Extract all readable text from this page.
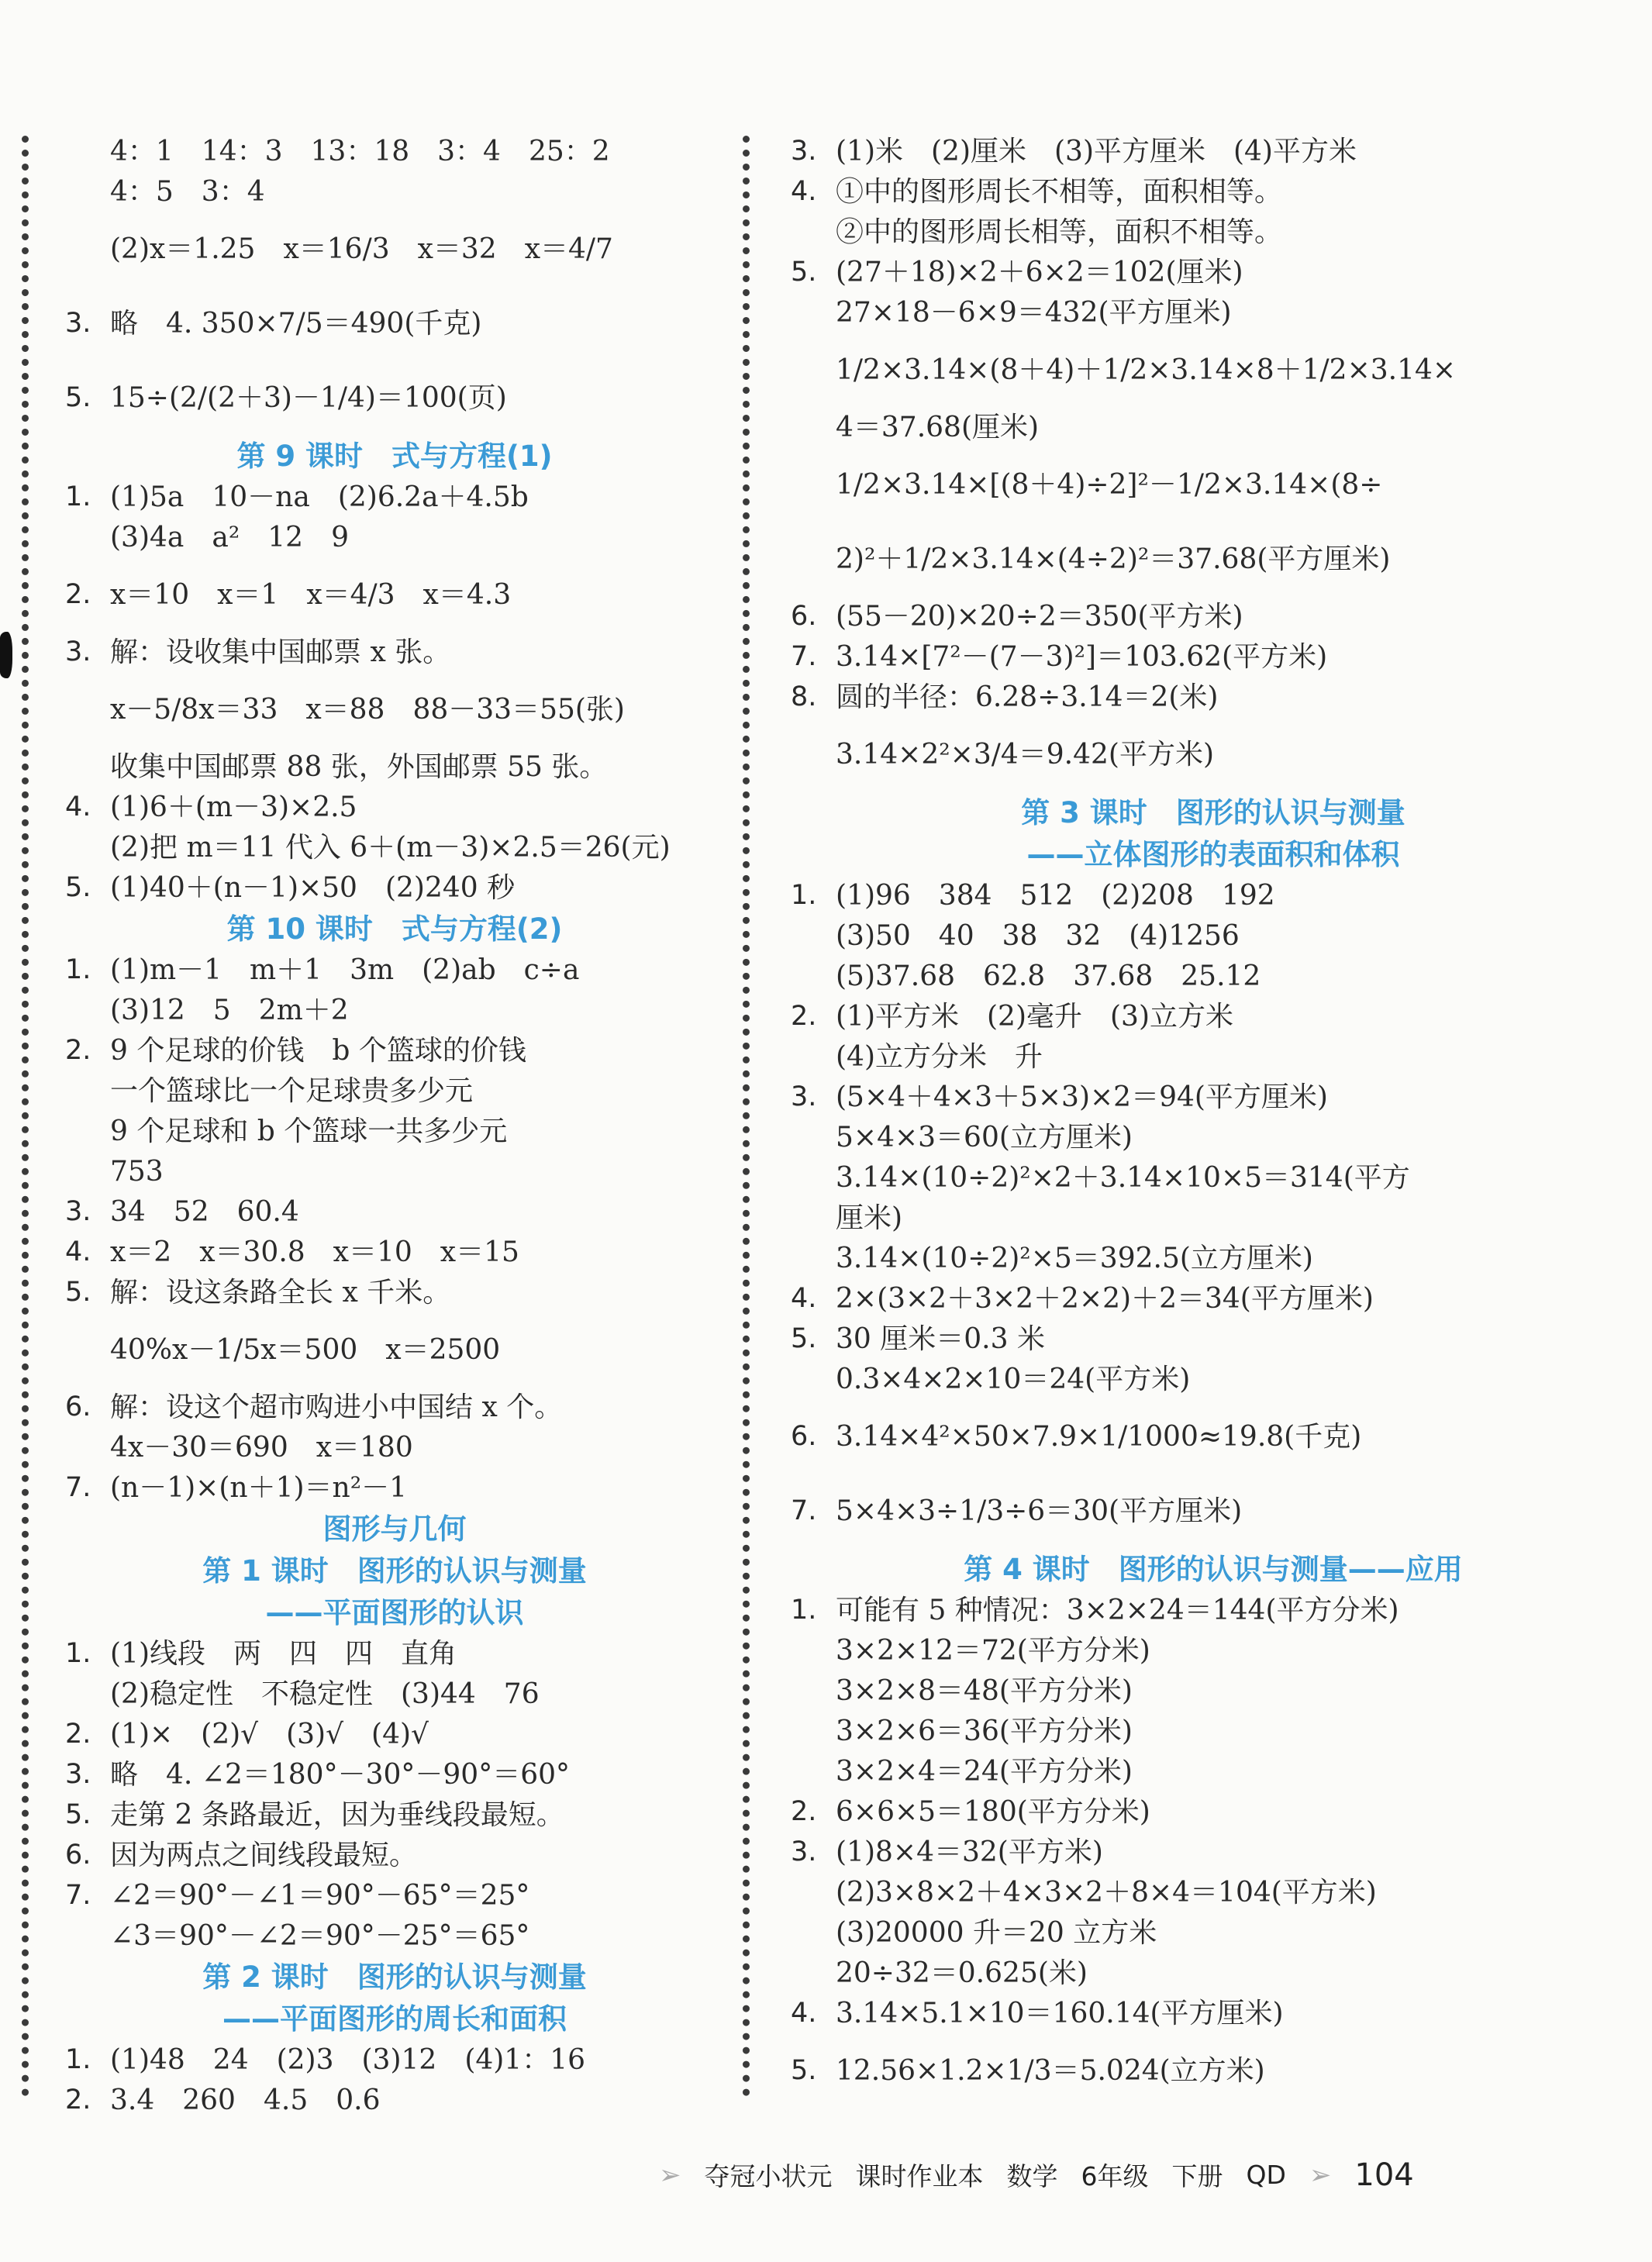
4：1　14：3　13：18　3：4　25：2
4：5　3：4
(2)x＝1.25　x＝16/3　x＝32　x＝4/7
3. 略　4. 350×7/5＝490(千克)
5. 15÷(2/(2＋3)－1/4)＝100(页)
第 9 课时　式与方程(1)
1. (1)5a　10－na　(2)6.2a＋4.5b
(3)4a　a²　12　9
2. x＝10　x＝1　x＝4/3　x＝4.3
3. 解：设收集中国邮票 x 张。
x－5/8x＝33　x＝88　88－33＝55(张)
收集中国邮票 88 张，外国邮票 55 张。
4. (1)6＋(m－3)×2.5
(2)把 m＝11 代入 6＋(m－3)×2.5＝26(元)
5. (1)40＋(n－1)×50　(2)240 秒
第 10 课时　式与方程(2)
1. (1)m－1　m＋1　3m　(2)ab　c÷a
(3)12　5　2m＋2
2. 9 个足球的价钱　b 个篮球的价钱
一个篮球比一个足球贵多少元
9 个足球和 b 个篮球一共多少元
753
3. 34　52　60.4
4. x＝2　x＝30.8　x＝10　x＝15
5. 解：设这条路全长 x 千米。
40%x－1/5x＝500　x＝2500
6. 解：设这个超市购进小中国结 x 个。
4x－30＝690　x＝180
7. (n－1)×(n＋1)＝n²－1
图形与几何
第 1 课时　图形的认识与测量
——平面图形的认识
1. (1)线段　两　四　四　直角
(2)稳定性　不稳定性　(3)44　76
2. (1)×　(2)√　(3)√　(4)√
3. 略　4. ∠2＝180°－30°－90°＝60°
5. 走第 2 条路最近，因为垂线段最短。
6. 因为两点之间线段最短。
7. ∠2＝90°－∠1＝90°－65°＝25°
∠3＝90°－∠2＝90°－25°＝65°
第 2 课时　图形的认识与测量
——平面图形的周长和面积
1. (1)48　24　(2)3　(3)12　(4)1：16
2. 3.4　260　4.5　0.6
3. (1)米　(2)厘米　(3)平方厘米　(4)平方米
4. ①中的图形周长不相等，面积相等。
②中的图形周长相等，面积不相等。
5. (27＋18)×2＋6×2＝102(厘米)
27×18－6×9＝432(平方厘米)
1/2×3.14×(8＋4)＋1/2×3.14×8＋1/2×3.14×
4＝37.68(厘米)
1/2×3.14×[(8＋4)÷2]²－1/2×3.14×(8÷
2)²＋1/2×3.14×(4÷2)²＝37.68(平方厘米)
6. (55－20)×20÷2＝350(平方米)
7. 3.14×[7²－(7－3)²]＝103.62(平方米)
8. 圆的半径：6.28÷3.14＝2(米)
3.14×2²×3/4＝9.42(平方米)
第 3 课时　图形的认识与测量
——立体图形的表面积和体积
1. (1)96　384　512　(2)208　192
(3)50　40　38　32　(4)1256
(5)37.68　62.8　37.68　25.12
2. (1)平方米　(2)毫升　(3)立方米
(4)立方分米　升
3. (5×4＋4×3＋5×3)×2＝94(平方厘米)
5×4×3＝60(立方厘米)
3.14×(10÷2)²×2＋3.14×10×5＝314(平方
厘米)
3.14×(10÷2)²×5＝392.5(立方厘米)
4. 2×(3×2＋3×2＋2×2)＋2＝34(平方厘米)
5. 30 厘米＝0.3 米
0.3×4×2×10＝24(平方米)
6. 3.14×4²×50×7.9×1/1000≈19.8(千克)
7. 5×4×3÷1/3÷6＝30(平方厘米)
第 4 课时　图形的认识与测量——应用
1. 可能有 5 种情况：3×2×24＝144(平方分米)
3×2×12＝72(平方分米)
3×2×8＝48(平方分米)
3×2×6＝36(平方分米)
3×2×4＝24(平方分米)
2. 6×6×5＝180(平方分米)
3. (1)8×4＝32(平方米)
(2)3×8×2＋4×3×2＋8×4＝104(平方米)
(3)20000 升＝20 立方米
20÷32＝0.625(米)
4. 3.14×5.1×10＝160.14(平方厘米)
5. 12.56×1.2×1/3＝5.024(立方米)
➢ 夺冠小状元 课时作业本 数学 6年级 下册 QD ➢ 104
